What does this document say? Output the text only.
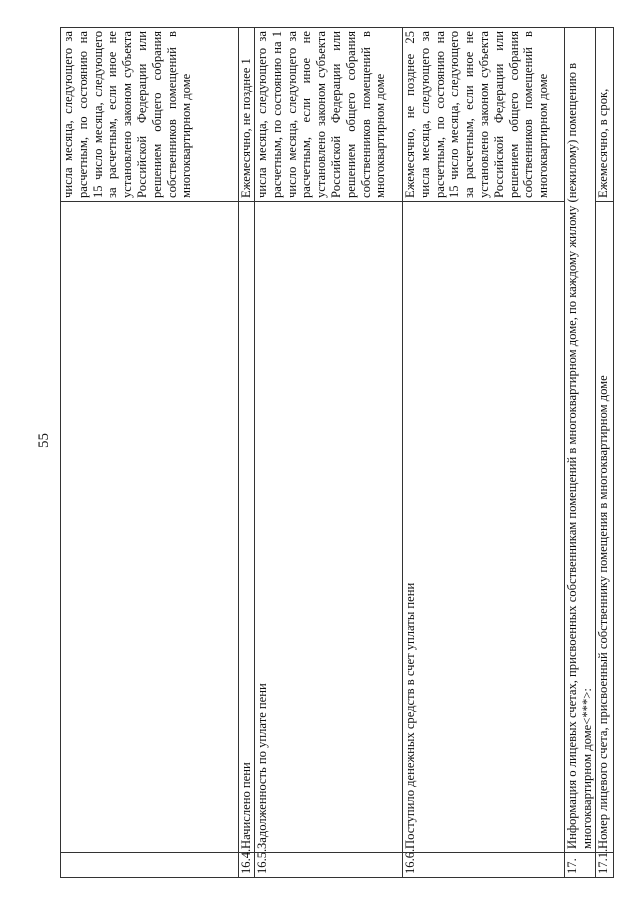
55
		числа месяца, следующего за расчетным, по состоянию на 15 число месяца, следующего за расчетным, если иное не установлено законом субъекта Российской Федерации или решением общего собрания собственников помещений в многоквартирном доме
16.4.	Начислено пени	Ежемесячно, не позднее 1
16.5.	Задолженность по уплате пени	числа месяца, следующего за расчетным, по состоянию на 1 число месяца, следующего за расчетным, если иное не установлено законом субъекта Российской Федерации или решением общего собрания собственников помещений в многоквартирном доме
16.6.	Поступило денежных средств в счет уплаты пени	Ежемесячно, не позднее 25 числа месяца, следующего за расчетным, по состоянию на 15 число месяца, следующего за расчетным, если иное не установлено законом субъекта Российской Федерации или решением общего собрания собственников помещений в многоквартирном доме
17.	Информация о лицевых счетах, присвоенных собственникам помещений в многоквартирном доме, по каждому жилому (нежилому) помещению в многоквартирном доме<***>:	
17.1.	Номер лицевого счета, присвоенный собственнику помещения в многоквартирном доме	Ежемесячно, в срок,
